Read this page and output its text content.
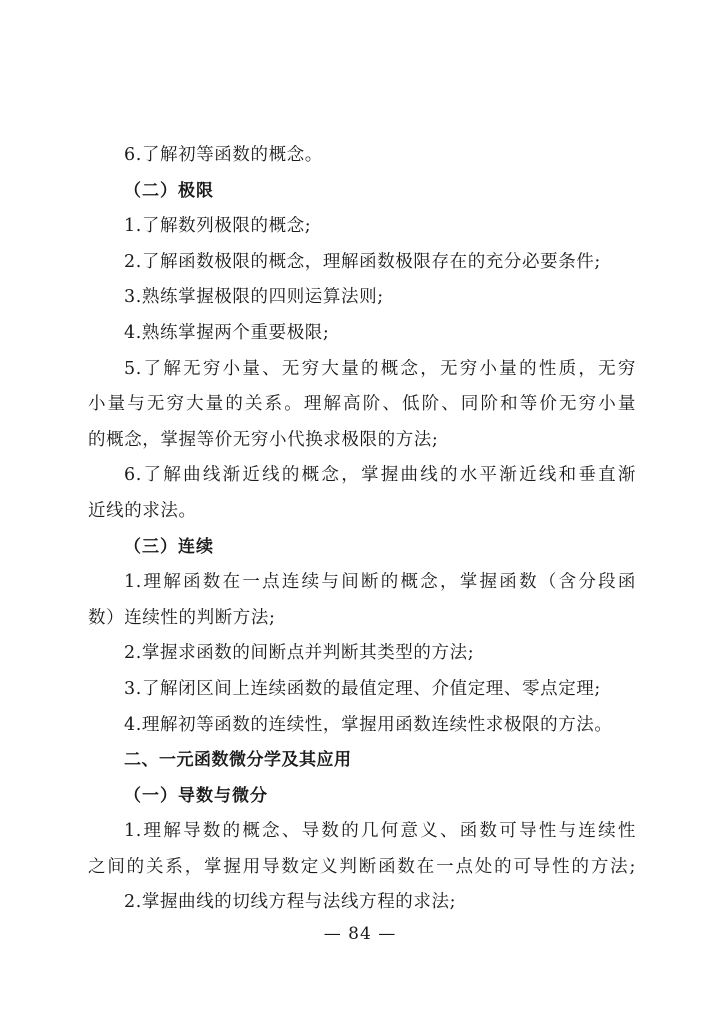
6.了解初等函数的概念。
（二）极限
1.了解数列极限的概念;
2.了解函数极限的概念，理解函数极限存在的充分必要条件;
3.熟练掌握极限的四则运算法则;
4.熟练掌握两个重要极限;
5.了解无穷小量、无穷大量的概念，无穷小量的性质，无穷
小量与无穷大量的关系。理解高阶、低阶、同阶和等价无穷小量
的概念，掌握等价无穷小代换求极限的方法;
6.了解曲线渐近线的概念，掌握曲线的水平渐近线和垂直渐
近线的求法。
（三）连续
1.理解函数在一点连续与间断的概念，掌握函数（含分段函
数）连续性的判断方法;
2.掌握求函数的间断点并判断其类型的方法;
3.了解闭区间上连续函数的最值定理、介值定理、零点定理;
4.理解初等函数的连续性，掌握用函数连续性求极限的方法。
二、一元函数微分学及其应用
（一）导数与微分
1.理解导数的概念、导数的几何意义、函数可导性与连续性
之间的关系，掌握用导数定义判断函数在一点处的可导性的方法;
2.掌握曲线的切线方程与法线方程的求法;
— 84 —
